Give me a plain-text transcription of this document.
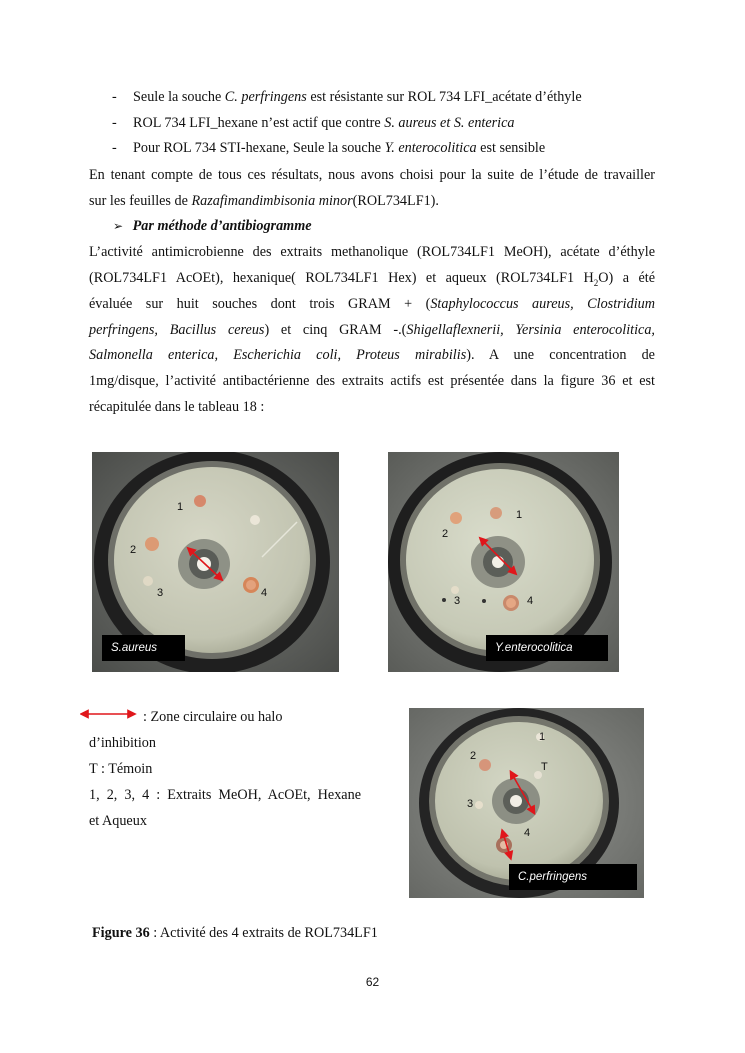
- Seule la souche C. perfringens est résistante sur ROL 734 LFI_acétate d’éthyle
- ROL 734 LFI_hexane n’est actif que contre S. aureus et S. enterica
- Pour ROL 734 STI-hexane, Seule la souche Y. enterocolitica est sensible
En tenant compte de tous ces résultats, nous avons choisi pour la suite de l’étude de travailler
sur les feuilles de Razafimandimbisonia minor(ROL734LF1).
➢ Par méthode d’antibiogramme
L’activité antimicrobienne des extraits methanolique (ROL734LF1 MeOH), acétate d’éthyle
(ROL734LF1 AcOEt), hexanique( ROL734LF1 Hex) et aqueux (ROL734LF1 $H_2O$) a été
évaluée sur huit souches dont trois GRAM + (Staphylococcus aureus, Clostridium
perfringens, Bacillus cereus) et cinq GRAM -.(Shigellaflexnerii, Yersinia enterocolitica,
Salmonella enterica, Escherichia coli, Proteus mirabilis). A une concentration de
1mg/disque, l’activité antibactérienne des extraits actifs est présentée dans la figure 36 et est
récapitulée dans le tableau 18 :
1
2
3	4
S.aureus
1
2
3	4
Y.enterocolitica
: Zone circulaire ou halo
d’inhibition
T : Témoin
1, 2, 3, 4 : Extraits MeOH, AcOEt, Hexane
et Aqueux
1
2
3
4
T
C.perfringens
Figure 36 : Activité des 4 extraits de ROL734LF1
62
